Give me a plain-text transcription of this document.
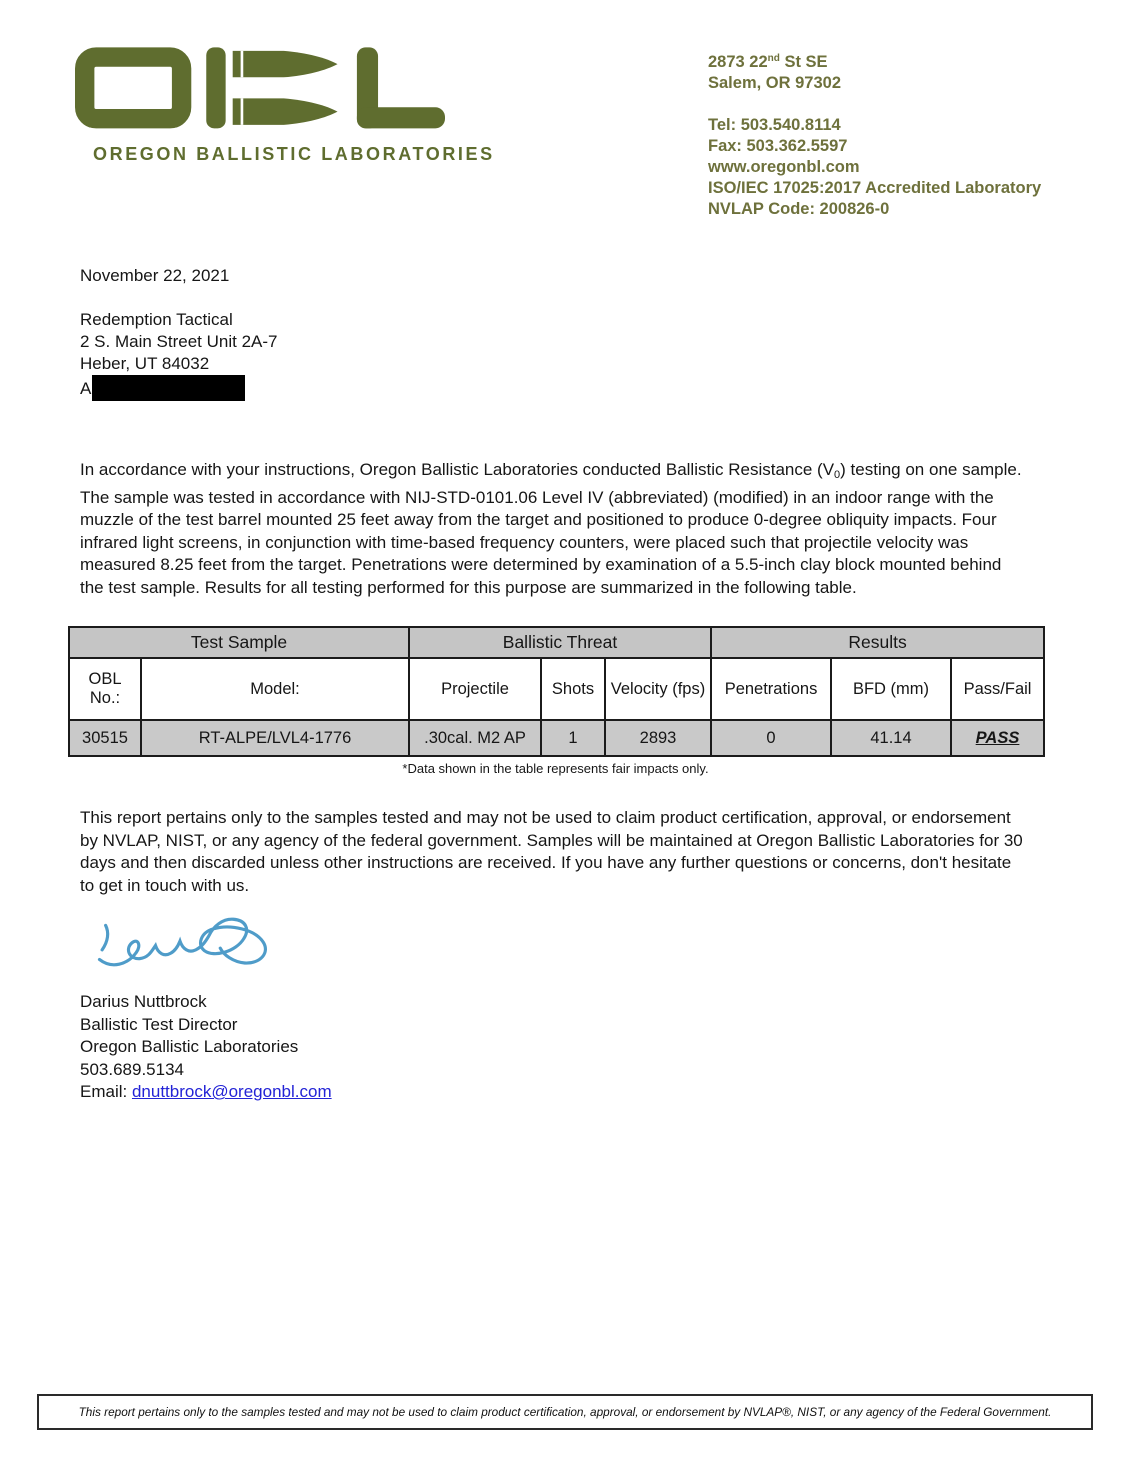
OREGON BALLISTIC LABORATORIES
2873 22nd St SE
Salem, OR 97302
Tel: 503.540.8114
Fax: 503.362.5597
www.oregonbl.com
ISO/IEC 17025:2017 Accredited Laboratory
NVLAP Code: 200826-0
November 22, 2021
Redemption Tactical
2 S. Main Street Unit 2A-7
Heber, UT 84032
A

In accordance with your instructions, Oregon Ballistic Laboratories conducted Ballistic Resistance $(V_0)$ testing on one sample.

The sample was tested in accordance with NIJ-STD-0101.06 Level IV (abbreviated) (modified) in an indoor range with the muzzle of the test barrel mounted 25 feet away from the target and positioned to produce 0-degree obliquity impacts. Four infrared light screens, in conjunction with time-based frequency counters, were placed such that projectile velocity was measured 8.25 feet from the target. Penetrations were determined by examination of a 5.5-inch clay block mounted behind the test sample. Results for all testing performed for this purpose are summarized in the following table.

Test Sample		Ballistic Threat			Results		
OBL No.:	Model:	Projectile	Shots	Velocity (fps)	Penetrations	BFD (mm)	Pass/Fail
30515	RT-ALPE/LVL4-1776	.30cal. M2 AP	1	2893	0	41.14	PASS
*Data shown in the table represents fair impacts only.

This report pertains only to the samples tested and may not be used to claim product certification, approval, or endorsement by NVLAP, NIST, or any agency of the federal government. Samples will be maintained at Oregon Ballistic Laboratories for 30 days and then discarded unless other instructions are received. If you have any further questions or concerns, don't hesitate to get in touch with us.

Darius Nuttbrock
Ballistic Test Director
Oregon Ballistic Laboratories
503.689.5134
Email: dnuttbrock@oregonbl.com
This report pertains only to the samples tested and may not be used to claim product certification, approval, or endorsement by NVLAP®, NIST, or any agency of the Federal Government.
